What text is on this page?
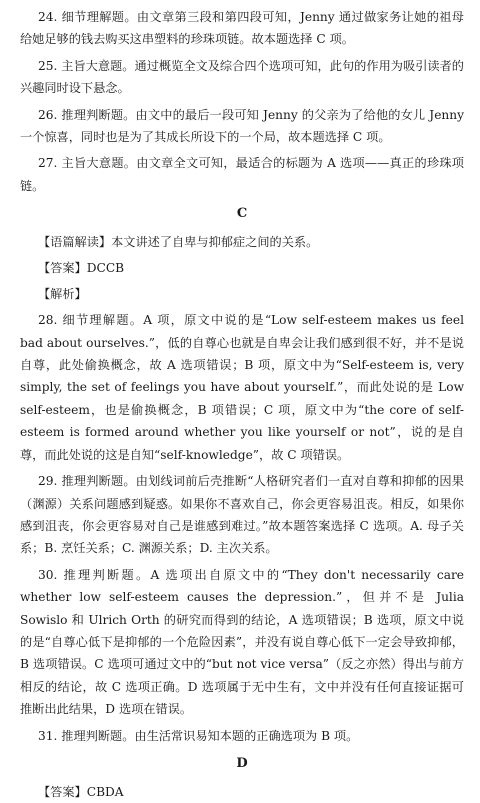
24. 细节理解题。由文章第三段和第四段可知，Jenny 通过做家务让她的祖母给她足够的钱去购买这串塑料的珍珠项链。故本题选择 C 项。

25. 主旨大意题。通过概览全文及综合四个选项可知，此句的作用为吸引读者的兴趣同时设下悬念。

26. 推理判断题。由文中的最后一段可知 Jenny 的父亲为了给他的女儿 Jenny 一个惊喜，同时也是为了其成长所设下的一个局，故本题选择 C 项。

27. 主旨大意题。由文章全文可知，最适合的标题为 A 选项——真正的珍珠项链。

C

【语篇解读】本文讲述了自卑与抑郁症之间的关系。

【答案】DCCB

【解析】

28. 细节理解题。A 项，原文中说的是“Low self-esteem makes us feel bad about ourselves.”，低的自尊心也就是自卑会让我们感到很不好，并不是说自尊，此处偷换概念，故 A 选项错误；B 项，原文中为“Self-esteem is, very simply, the set of feelings you have about yourself.”，而此处说的是 Low self-esteem，也是偷换概念，B 项错误；C 项，原文中为“the core of self-esteem is formed around whether you like yourself or not”，说的是自尊，而此处说的这是自知“self-knowledge”，故 C 项错误。

29. 推理判断题。由划线词前后壳推断“人格研究者们一直对自尊和抑郁的因果（渊源）关系问题感到疑惑。如果你不喜欢自己，你会更容易沮丧。相反，如果你感到沮丧，你会更容易对自己是谁感到难过。”故本题答案选择 C 选项。A. 母子关系；B. 烹饪关系；C. 渊源关系；D. 主次关系。

30. 推理判断题。A 选项出自原文中的“They don't necessarily care whether low self-esteem causes the depression.”，但并不是 Julia Sowislo 和 Ulrich Orth 的研究而得到的结论，A 选项错误；B 选项，原文中说的是“自尊心低下是抑郁的一个危险因素”，并没有说自尊心低下一定会导致抑郁，B 选项错误。C 选项可通过文中的“but not vice versa”（反之亦然）得出与前方相反的结论，故 C 选项正确。D 选项属于无中生有，文中并没有任何直接证据可推断出此结果，D 选项在错误。

31. 推理判断题。由生活常识易知本题的正确选项为 B 项。

D

【答案】CBDA
